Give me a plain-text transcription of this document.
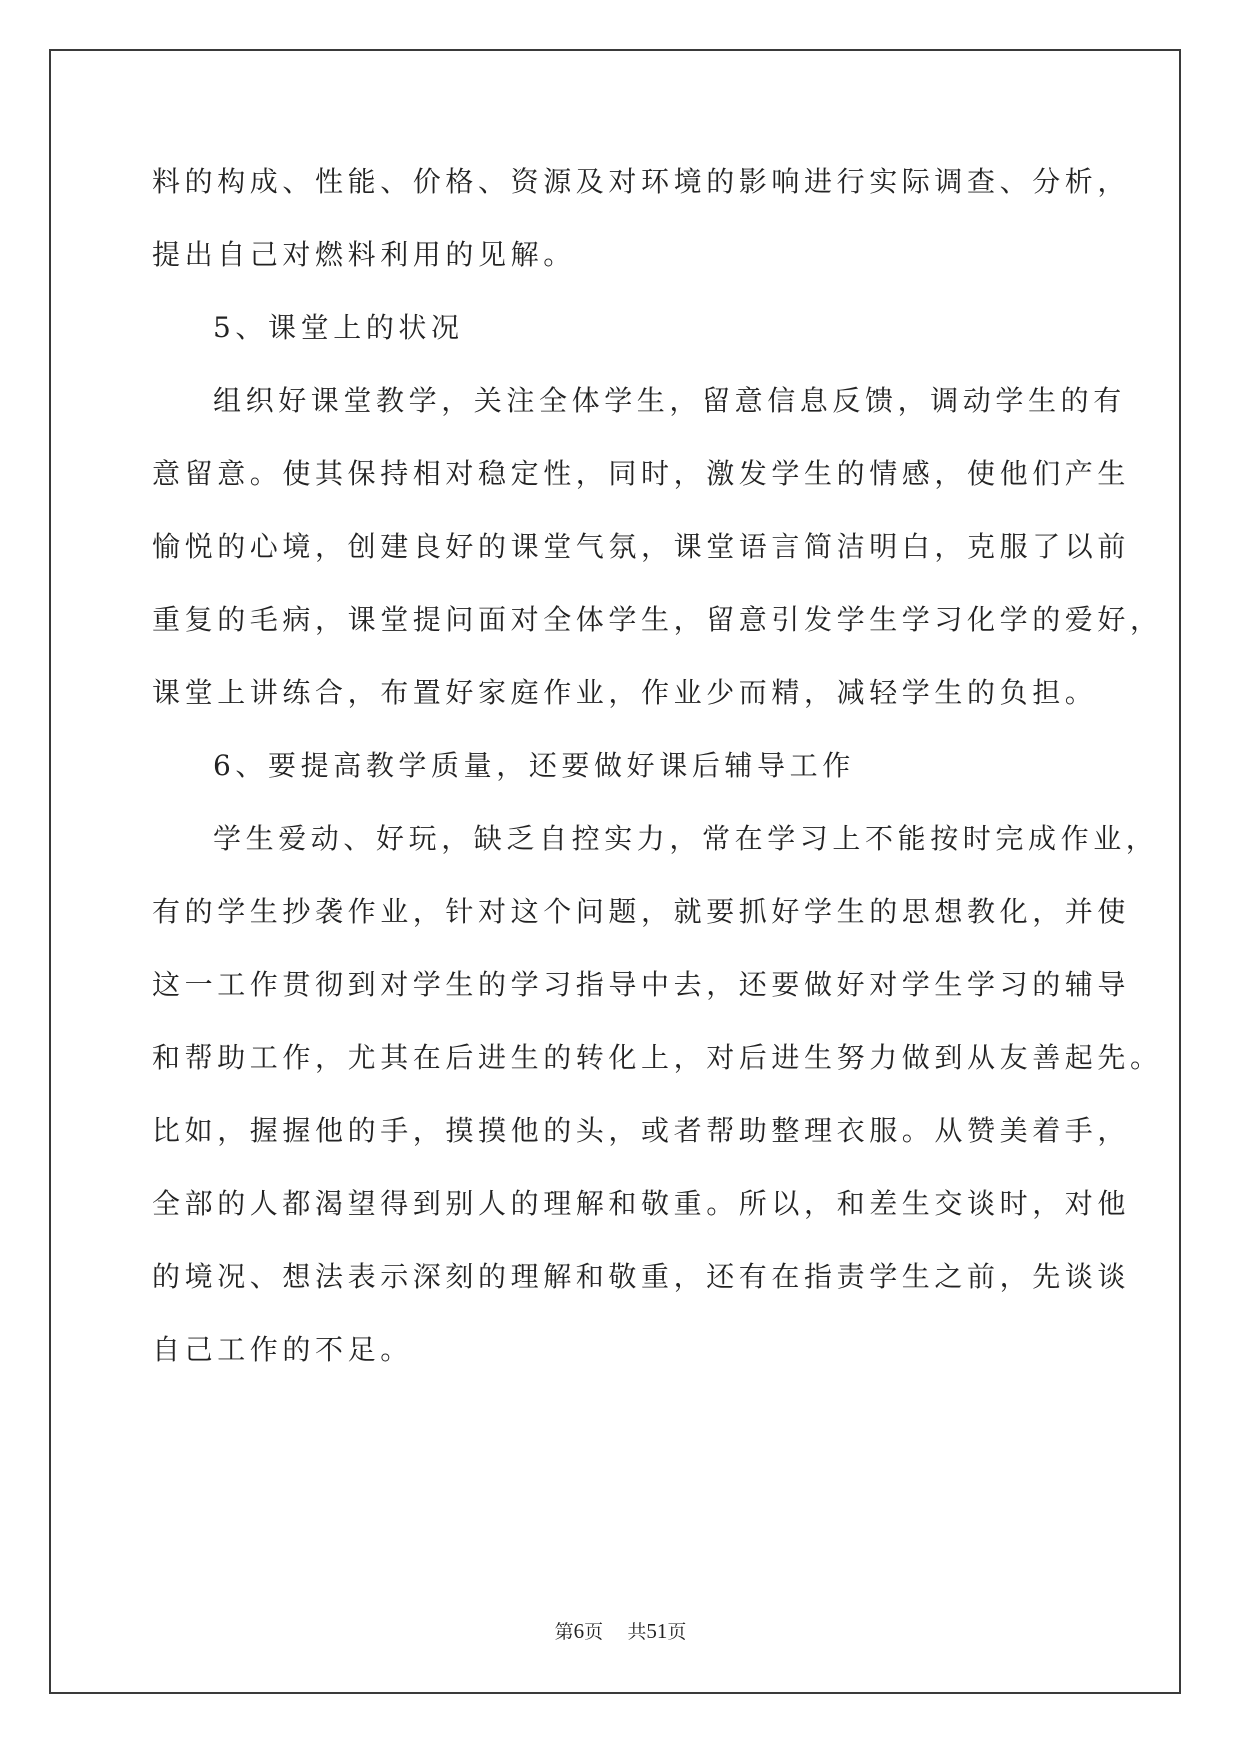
料的构成、性能、价格、资源及对环境的影响进行实际调查、分析，
提出自己对燃料利用的见解。
5、课堂上的状况
组织好课堂教学，关注全体学生，留意信息反馈，调动学生的有
意留意。使其保持相对稳定性，同时，激发学生的情感，使他们产生
愉悦的心境，创建良好的课堂气氛，课堂语言简洁明白，克服了以前
重复的毛病，课堂提问面对全体学生，留意引发学生学习化学的爱好，
课堂上讲练合，布置好家庭作业，作业少而精，减轻学生的负担。
6、要提高教学质量，还要做好课后辅导工作
学生爱动、好玩，缺乏自控实力，常在学习上不能按时完成作业，
有的学生抄袭作业，针对这个问题，就要抓好学生的思想教化，并使
这一工作贯彻到对学生的学习指导中去，还要做好对学生学习的辅导
和帮助工作，尤其在后进生的转化上，对后进生努力做到从友善起先。
比如，握握他的手，摸摸他的头，或者帮助整理衣服。从赞美着手，
全部的人都渴望得到别人的理解和敬重。所以，和差生交谈时，对他
的境况、想法表示深刻的理解和敬重，还有在指责学生之前，先谈谈
自己工作的不足。
第6页 共51页
